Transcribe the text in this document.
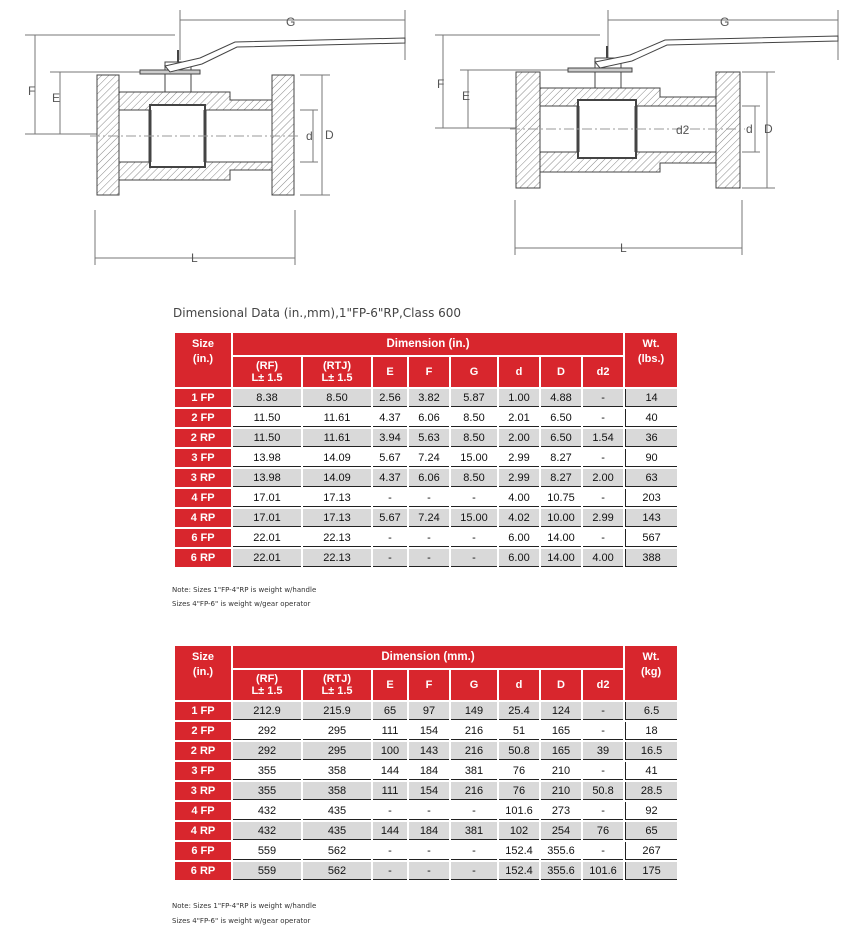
G
F E
d D
L
G
F
E
d2	d D
L
Dimensional Data (in.,mm),1"FP-6"RP,Class 600
Size
(in.)	Dimension (in.)								Wt.
(lbs.)
	(RF)
L± 1.5	(RTJ)
L± 1.5	E	F	G	d	D	d2	
1 FP	8.38	8.50	2.56	3.82	5.87	1.00	4.88	-	14
2 FP	11.50	11.61	4.37	6.06	8.50	2.01	6.50	-	40
2 RP	11.50	11.61	3.94	5.63	8.50	2.00	6.50	1.54	36
3 FP	13.98	14.09	5.67	7.24	15.00	2.99	8.27	-	90
3 RP	13.98	14.09	4.37	6.06	8.50	2.99	8.27	2.00	63
4 FP	17.01	17.13	-	-	-	4.00	10.75	-	203
4 RP	17.01	17.13	5.67	7.24	15.00	4.02	10.00	2.99	143
6 FP	22.01	22.13	-	-	-	6.00	14.00	-	567
6 RP	22.01	22.13	-	-	-	6.00	14.00	4.00	388
Note: Sizes 1"FP-4"RP is weight w/handle
Sizes 4"FP-6" is weight w/gear operator
Size
(in.)	Dimension (mm.)								Wt.
(kg)
	(RF)
L± 1.5	(RTJ)
L± 1.5	E	F	G	d	D	d2	
1 FP	212.9	215.9	65	97	149	25.4	124	-	6.5
2 FP	292	295	111	154	216	51	165	-	18
2 RP	292	295	100	143	216	50.8	165	39	16.5
3 FP	355	358	144	184	381	76	210	-	41
3 RP	355	358	111	154	216	76	210	50.8	28.5
4 FP	432	435	-	-	-	101.6	273	-	92
4 RP	432	435	144	184	381	102	254	76	65
6 FP	559	562	-	-	-	152.4	355.6	-	267
6 RP	559	562	-	-	-	152.4	355.6	101.6	175
Note: Sizes 1"FP-4"RP is weight w/handle
Sizes 4"FP-6" is weight w/gear operator
